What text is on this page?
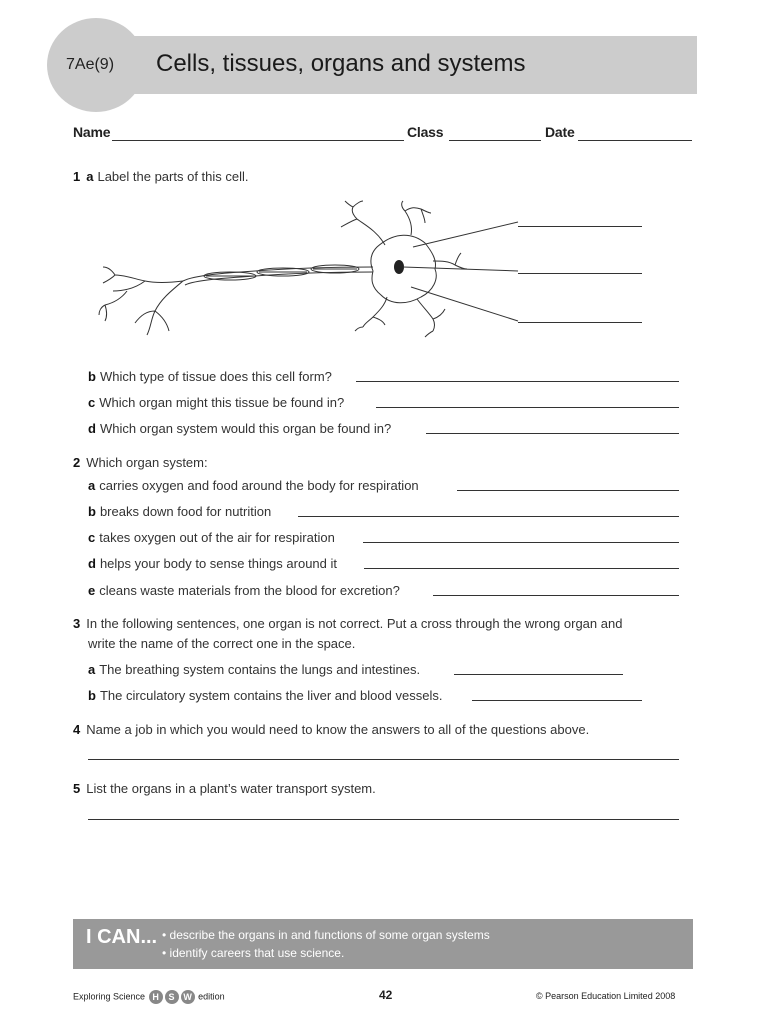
7Ae(9) Cells, tissues, organs and systems
Name	Class	Date
1 a Label the parts of this cell.
b Which type of tissue does this cell form?
c Which organ might this tissue be found in?
d Which organ system would this organ be found in?
2 Which organ system:
a carries oxygen and food around the body for respiration
b breaks down food for nutrition
c takes oxygen out of the air for respiration
d helps your body to sense things around it
e cleans waste materials from the blood for excretion?
3 In the following sentences, one organ is not correct. Put a cross through the wrong organ and
write the name of the correct one in the space.
a The breathing system contains the lungs and intestines.
b The circulatory system contains the liver and blood vessels.
4 Name a job in which you would need to know the answers to all of the questions above.
5 List the organs in a plant’s water transport system.
I CAN... • describe the organs in and functions of some organ systems
• identify careers that use science.
Exploring Science H S W edition	42	© Pearson Education Limited 2008
